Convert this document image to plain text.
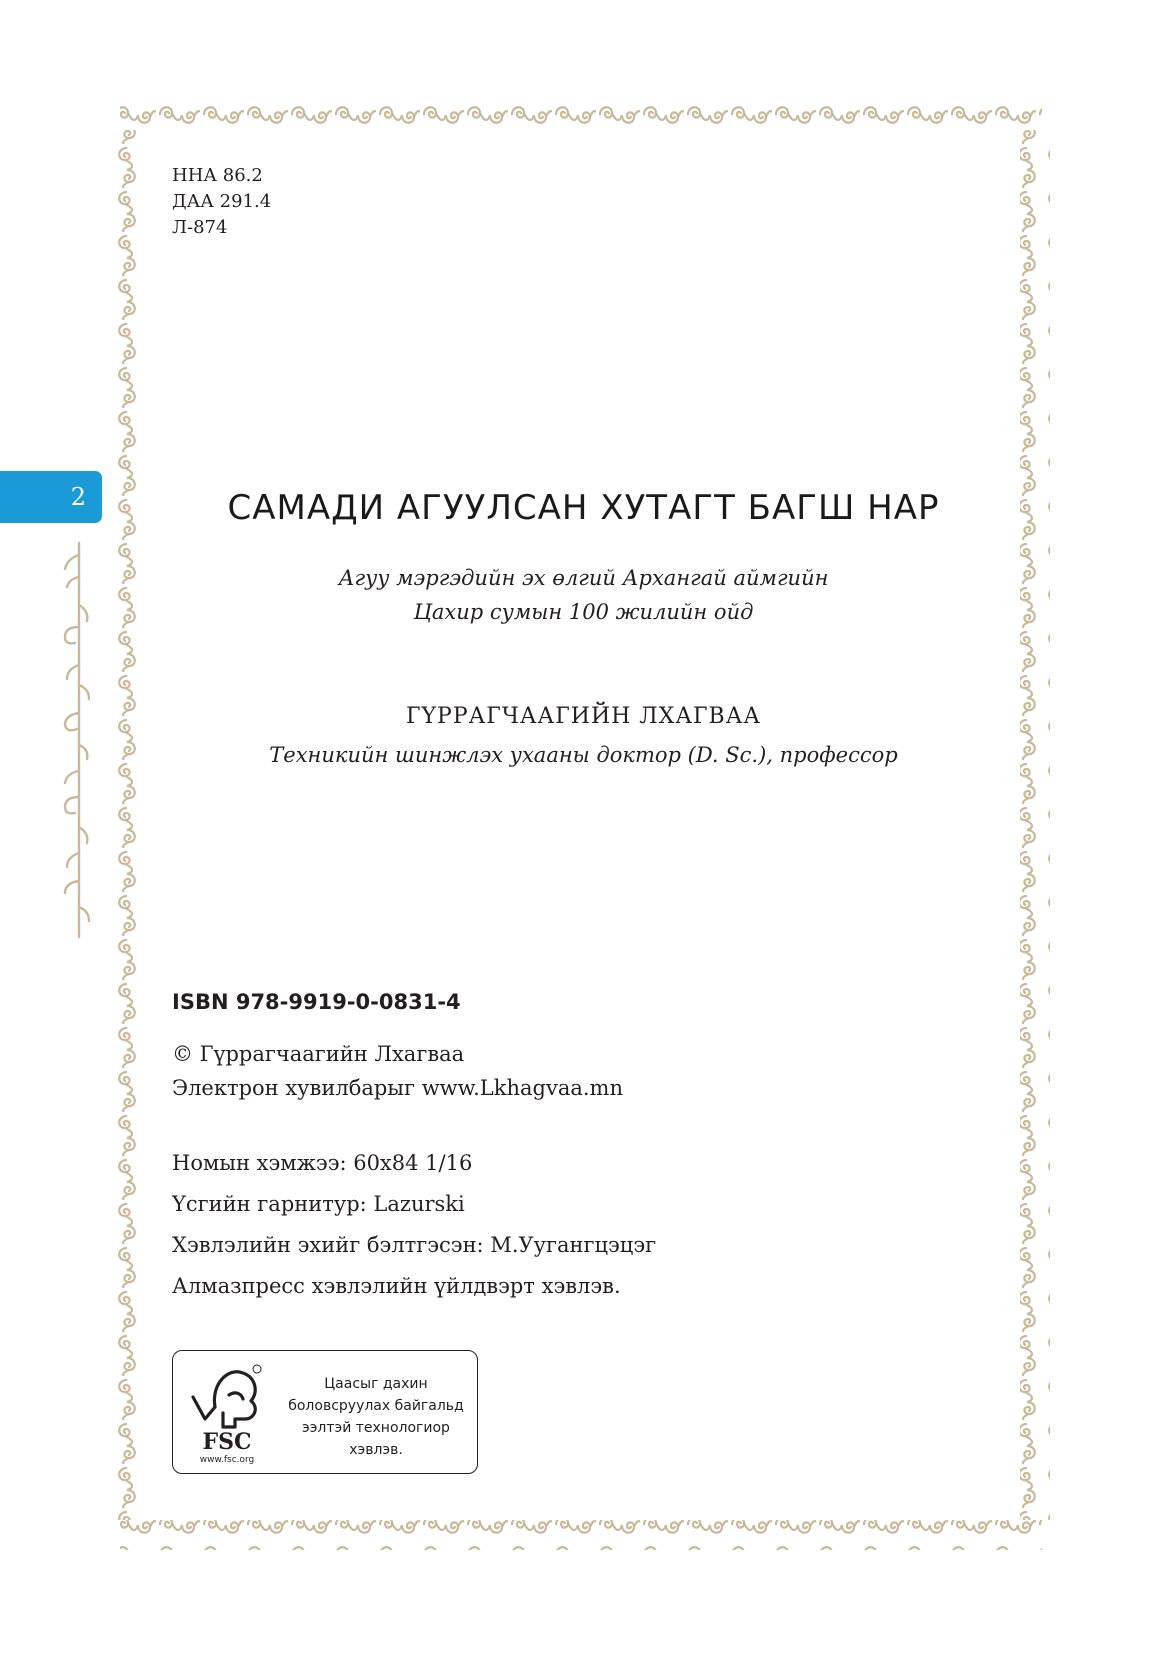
2
ННА 86.2
ДАА 291.4
Л-874
САМАДИ АГУУЛСАН ХУТАГТ БАГШ НАР
Агуу мэргэдийн эх өлгий Архангай аймгийн
Цахир сумын 100 жилийн ойд
ГҮРРАГЧААГИЙН ЛХАГВАА
Техникийн шинжлэх ухааны доктор (D. Sc.), профессор
ISBN 978-9919-0-0831-4
© Гүррагчаагийн Лхагваа
Электрон хувилбарыг www.Lkhagvaa.mn
Номын хэмжээ: 60х84 1/16
Үсгийн гарнитур: Lazurski
Хэвлэлийн эхийг бэлтгэсэн: М.Уугангцэцэг
Алмазпресс хэвлэлийн үйлдвэрт хэвлэв.
FSC
www.fsc.org
Цаасыг дахин
боловсруулах байгальд
ээлтэй технологиор
хэвлэв.
